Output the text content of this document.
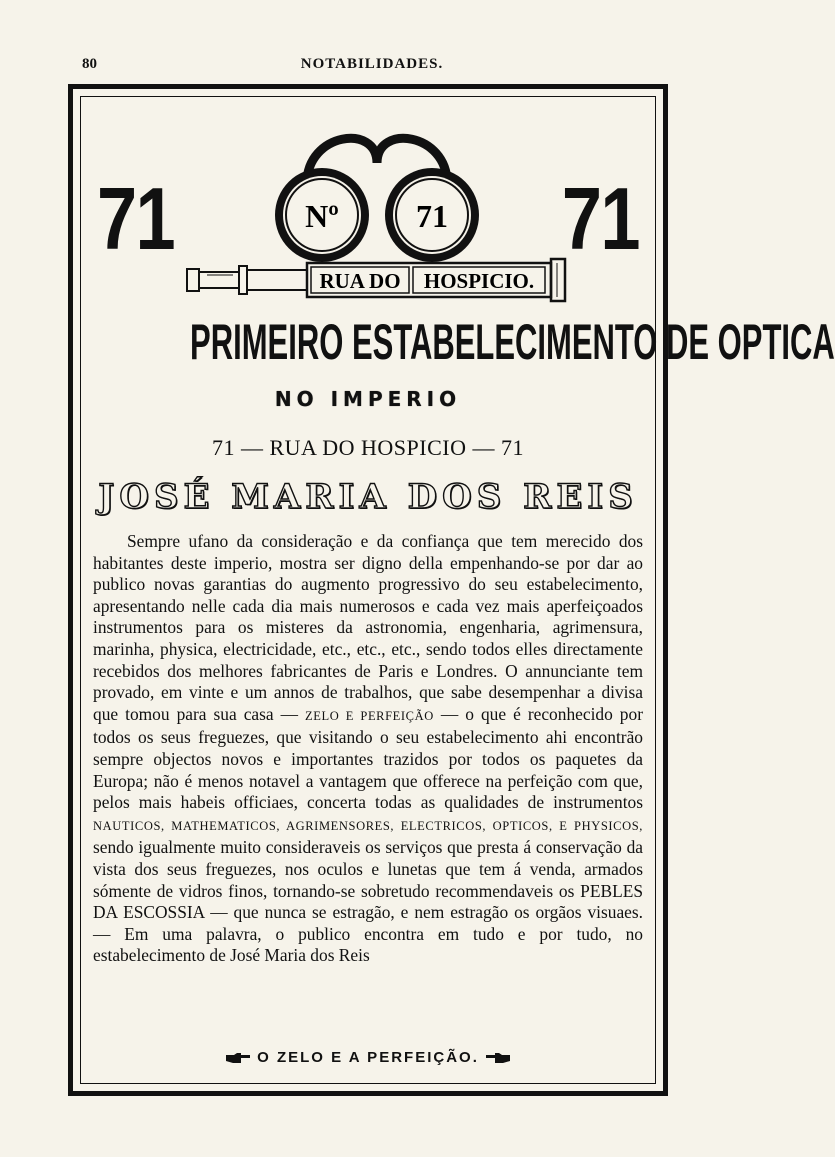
80	NOTABILIDADES.
71	71
Nº 71
RUA DO HOSPICIO.
PRIMEIRO ESTABELECIMENTO DE OPTICA
NO IMPERIO
71 — RUA DO HOSPICIO — 71
JOSÉ MARIA DOS REIS

Sempre ufano da consideração e da confiança que tem merecido dos habitantes deste imperio, mostra ser digno della empenhando-se por dar ao publico novas garantias do augmento progressivo do seu estabelecimento, apresentando nelle cada dia mais numerosos e cada vez mais aperfeiçoados instrumentos para os misteres da astronomia, engenharia, agrimensura, marinha, physica, electricidade, etc., etc., etc., sendo todos elles directamente recebidos dos melhores fabricantes de Paris e Londres. O annunciante tem provado, em vinte e um annos de trabalhos, que sabe desempenhar a divisa que tomou para sua casa — ZELO E PERFEIÇÃO — o que é reconhecido por todos os seus freguezes, que visitando o seu estabelecimento ahi encontrão sempre objectos novos e importantes trazidos por todos os paquetes da Europa; não é menos notavel a vantagem que offerece na perfeição com que, pelos mais habeis officiaes, concerta todas as qualidades de instrumentos NAUTICOS, MATHEMATICOS, AGRIMENSORES, ELECTRICOS, OPTICOS, E PHYSICOS, sendo igualmente muito consideraveis os serviços que presta á conservação da vista dos seus freguezes, nos oculos e lunetas que tem á venda, armados sómente de vidros finos, tornando-se sobretudo recommendaveis os PEBLES DA ESCOSSIA — que nunca se estragão, e nem estragão os orgãos visuaes. — Em uma palavra, o publico encontra em tudo e por tudo, no estabelecimento de José Maria dos Reis

O ZELO E A PERFEIÇÃO.
